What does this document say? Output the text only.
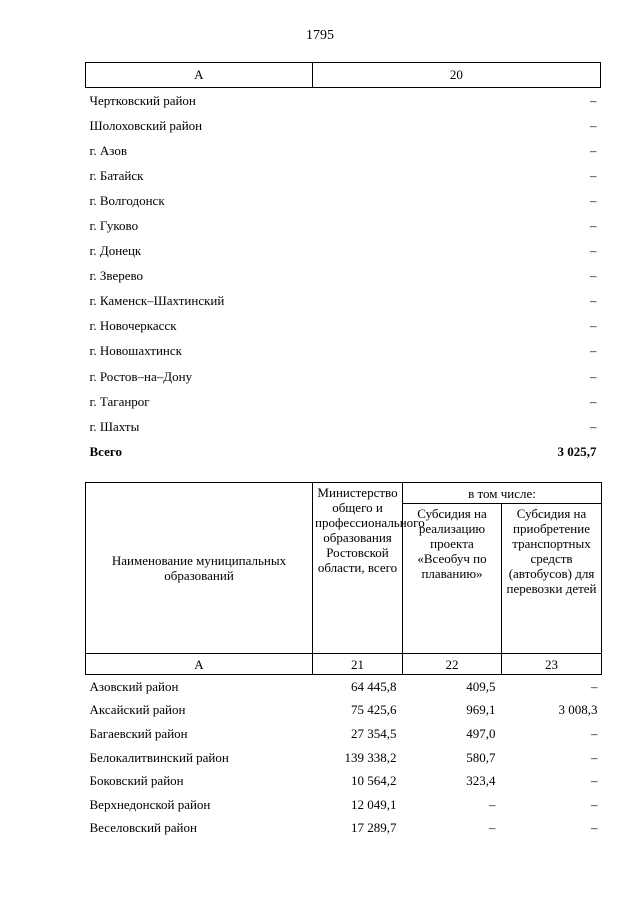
1795
А	20
Чертковский район	–
Шолоховский район	–
г. Азов	–
г. Батайск	–
г. Волгодонск	–
г. Гуково	–
г. Донецк	–
г. Зверево	–
г. Каменск–Шахтинский	–
г. Новочеркасск	–
г. Новошахтинск	–
г. Ростов–на–Дону	–
г. Таганрог	–
г. Шахты	–
Всего	3 025,7
Наименование муниципальных образований	Министерство общего и профессионального образования Ростовской области, всего	в том числе:	
		Субсидия на реализацию проекта «Всеобуч по плаванию»	Субсидия на приобретение транспортных средств (автобусов) для перевозки детей
А	21	22	23
Азовский район	64 445,8	409,5	–
Аксайский район	75 425,6	969,1	3 008,3
Багаевский район	27 354,5	497,0	–
Белокалитвинский район	139 338,2	580,7	–
Боковский район	10 564,2	323,4	–
Верхнедонской район	12 049,1	–	–
Веселовский район	17 289,7	–	–
